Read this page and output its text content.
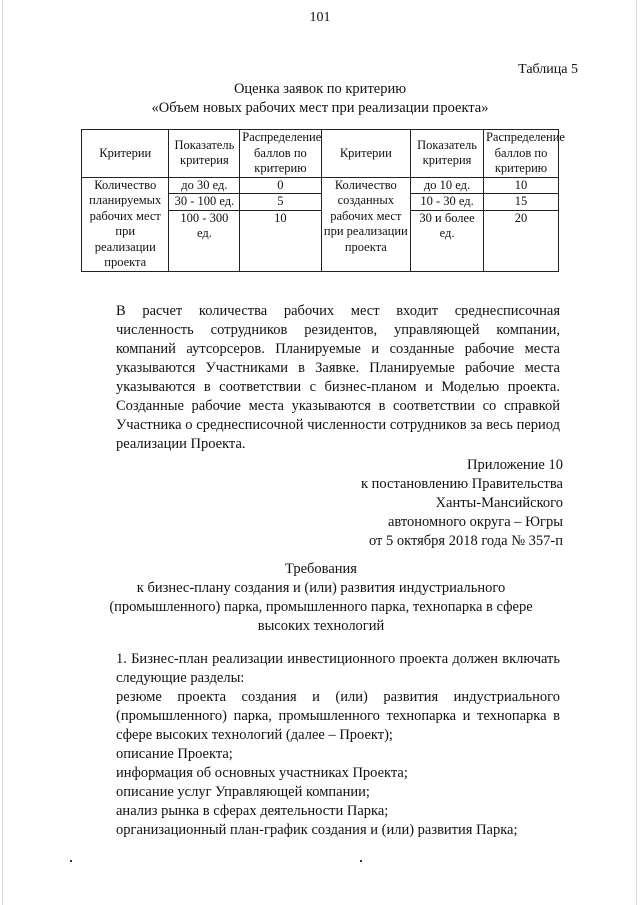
101
Таблица 5
Оценка заявок по критерию
«Объем новых рабочих мест при реализации проекта»
Критерии	Показатель критерия	Распределение баллов по критерию	Критерии	Показатель критерия	Распределение баллов по критерию

Количество планируемых рабочих мест при реализации проекта	до 30 ед.	0	Количество созданных рабочих мест при реализации проекта	до 10 ед.	10
	30 - 100 ед.	5		10 - 30 ед.	15
	100 - 300 ед.	10		30 и более ед.	20
В расчет количества рабочих мест входит среднесписочная численность сотрудников резидентов, управляющей компании, компаний аутсорсеров. Планируемые и созданные рабочие места указываются Участниками в Заявке. Планируемые рабочие места указываются в соответствии с бизнес-планом и Моделью проекта. Созданные рабочие места указываются в соответствии со справкой Участника о среднесписочной численности сотрудников за весь период реализации Проекта.
Приложение 10
к постановлению Правительства
Ханты-Мансийского
автономного округа – Югры
от 5 октября 2018 года № 357-п
Требования
к бизнес-плану создания и (или) развития индустриального
(промышленного) парка, промышленного парка, технопарка в сфере
высоких технологий
1. Бизнес-план реализации инвестиционного проекта должен включать следующие разделы:
резюме проекта создания и (или) развития индустриального (промышленного) парка, промышленного технопарка и технопарка в сфере высоких технологий (далее – Проект);
описание Проекта;
информация об основных участниках Проекта;
описание услуг Управляющей компании;
анализ рынка в сферах деятельности Парка;
организационный план-график создания и (или) развития Парка;
